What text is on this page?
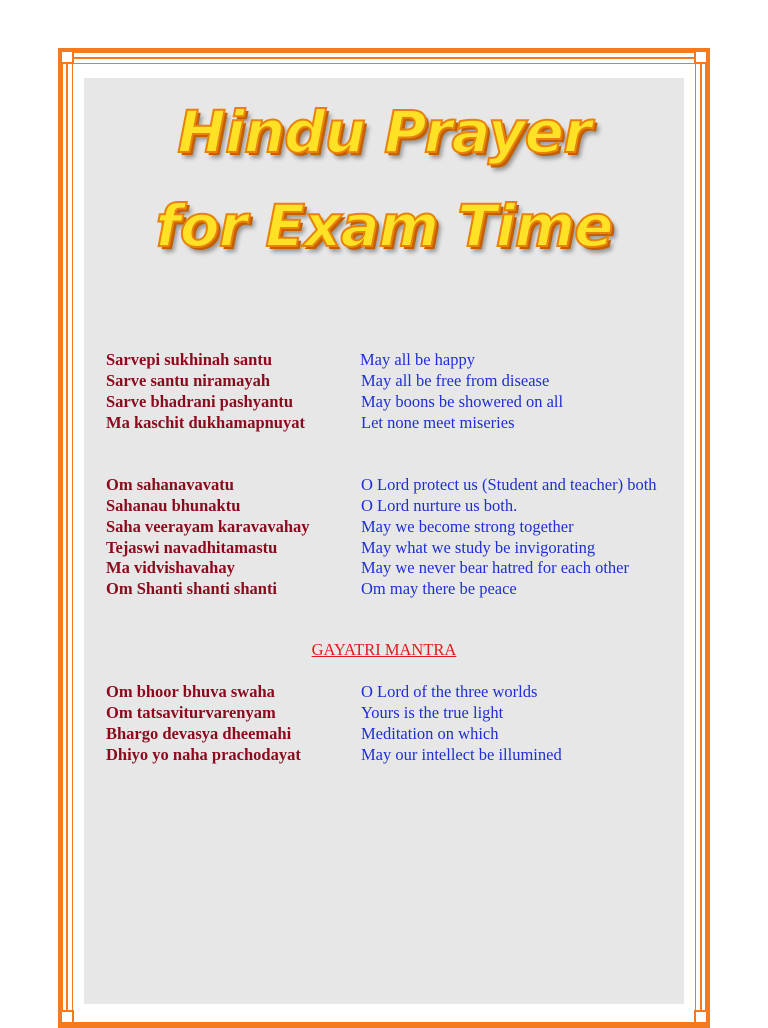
Hindu Prayer
for Exam Time
Sarvepi sukhinah santu	May all be happy
Sarve santu niramayah	May all be free from disease
Sarve bhadrani pashyantu	May boons be showered on all
Ma kaschit dukhamapnuyat	Let none meet miseries
Om sahanavavatu	O Lord protect us (Student and teacher) both
Sahanau bhunaktu	O Lord nurture us both.
Saha veerayam karavavahay	May we become strong together
Tejaswi navadhitamastu	May what we study be invigorating
Ma vidvishavahay	May we never bear hatred for each other
Om Shanti shanti shanti	Om may there be peace
GAYATRI MANTRA
Om bhoor bhuva swaha	O Lord of the three worlds
Om tatsaviturvarenyam	Yours is the true light
Bhargo devasya dheemahi	Meditation on which
Dhiyo yo naha prachodayat	May our intellect be illumined
